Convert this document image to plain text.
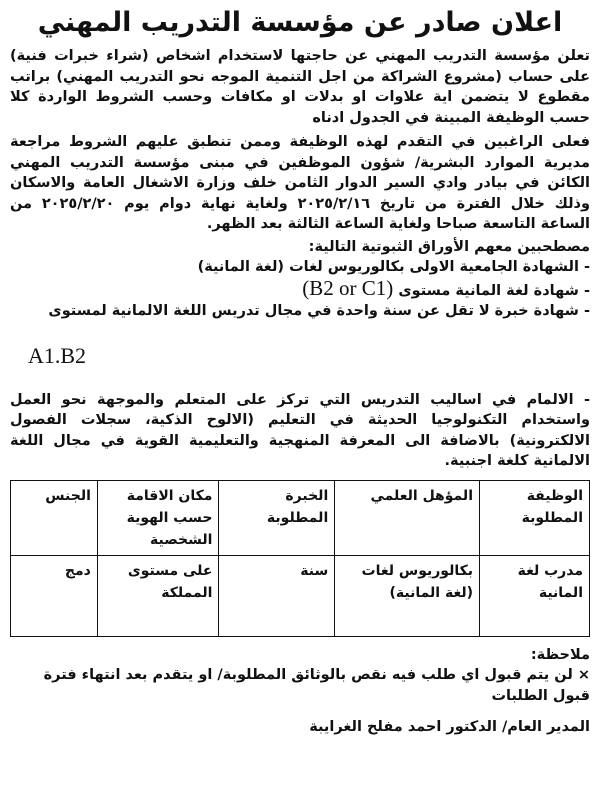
اعلان صادر عن مؤسسة التدريب المهني

تعلن مؤسسة التدريب المهني عن حاجتها لاستخدام اشخاص (شراء خبرات فنية) على حساب (مشروع الشراكة من اجل التنمية الموجه نحو التدريب المهني) براتب مقطوع لا يتضمن اية علاوات او بدلات او مكافات وحسب الشروط الواردة كلا حسب الوظيفة المبينة في الجدول ادناه

فعلى الراغبين في التقدم لهذه الوظيفة وممن تنطبق عليهم الشروط مراجعة مديرية الموارد البشرية/ شؤون الموظفين في مبنى مؤسسة التدريب المهني الكائن في بيادر وادي السير الدوار الثامن خلف وزارة الاشغال العامة والاسكان وذلك خلال الفترة من تاريخ ٢٠٢٥/٢/١٦ ولغاية نهاية دوام يوم ٢٠٢٥/٢/٢٠ من الساعة التاسعة صباحا ولغاية الساعة الثالثة بعد الظهر.

مصطحبين معهم الأوراق الثبوتية التالية:

- الشهادة الجامعية الاولى بكالوريوس لغات (لغة المانية)

- شهادة لغة المانية مستوى (B2 or C1)

- شهادة خبرة لا تقل عن سنة واحدة في مجال تدريس اللغة الالمانية لمستوى

A1.B2

- الالمام في اساليب التدريس التي تركز على المتعلم والموجهة نحو العمل واستخدام التكنولوجيا الحديثة في التعليم (الالوح الذكية، سجلات الفصول الالكترونية) بالاضافة الى المعرفة المنهجية والتعليمية القوية في مجال اللغة الالمانية كلغة اجنبية.

الوظيفة المطلوبة	المؤهل العلمي	الخبرة المطلوبة	مكان الاقامة حسب الهوية الشخصية	الجنس
مدرب لغة المانية	بكالوريوس لغات (لغة المانية)	سنة	على مستوى المملكة	دمج
ملاحظة:
× لن يتم قبول اي طلب فيه نقص بالوثائق المطلوبة/ او يتقدم بعد انتهاء فترة قبول الطلبات
المدير العام/ الدكتور احمد مفلح الغرايبة
